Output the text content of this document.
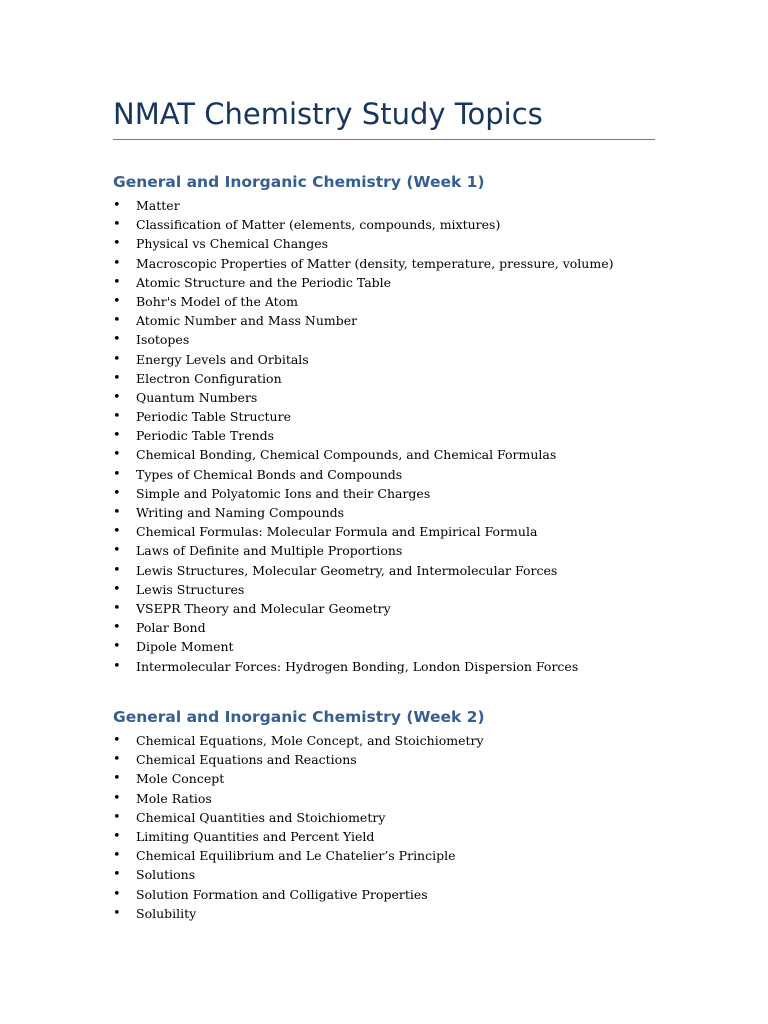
NMAT Chemistry Study Topics
General and Inorganic Chemistry (Week 1)
• Matter
• Classification of Matter (elements, compounds, mixtures)
• Physical vs Chemical Changes
• Macroscopic Properties of Matter (density, temperature, pressure, volume)
• Atomic Structure and the Periodic Table
• Bohr's Model of the Atom
• Atomic Number and Mass Number
• Isotopes
• Energy Levels and Orbitals
• Electron Configuration
• Quantum Numbers
• Periodic Table Structure
• Periodic Table Trends
• Chemical Bonding, Chemical Compounds, and Chemical Formulas
• Types of Chemical Bonds and Compounds
• Simple and Polyatomic Ions and their Charges
• Writing and Naming Compounds
• Chemical Formulas: Molecular Formula and Empirical Formula
• Laws of Definite and Multiple Proportions
• Lewis Structures, Molecular Geometry, and Intermolecular Forces
• Lewis Structures
• VSEPR Theory and Molecular Geometry
• Polar Bond
• Dipole Moment
• Intermolecular Forces: Hydrogen Bonding, London Dispersion Forces
General and Inorganic Chemistry (Week 2)
• Chemical Equations, Mole Concept, and Stoichiometry
• Chemical Equations and Reactions
• Mole Concept
• Mole Ratios
• Chemical Quantities and Stoichiometry
• Limiting Quantities and Percent Yield
• Chemical Equilibrium and Le Chatelier’s Principle
• Solutions
• Solution Formation and Colligative Properties
• Solubility
